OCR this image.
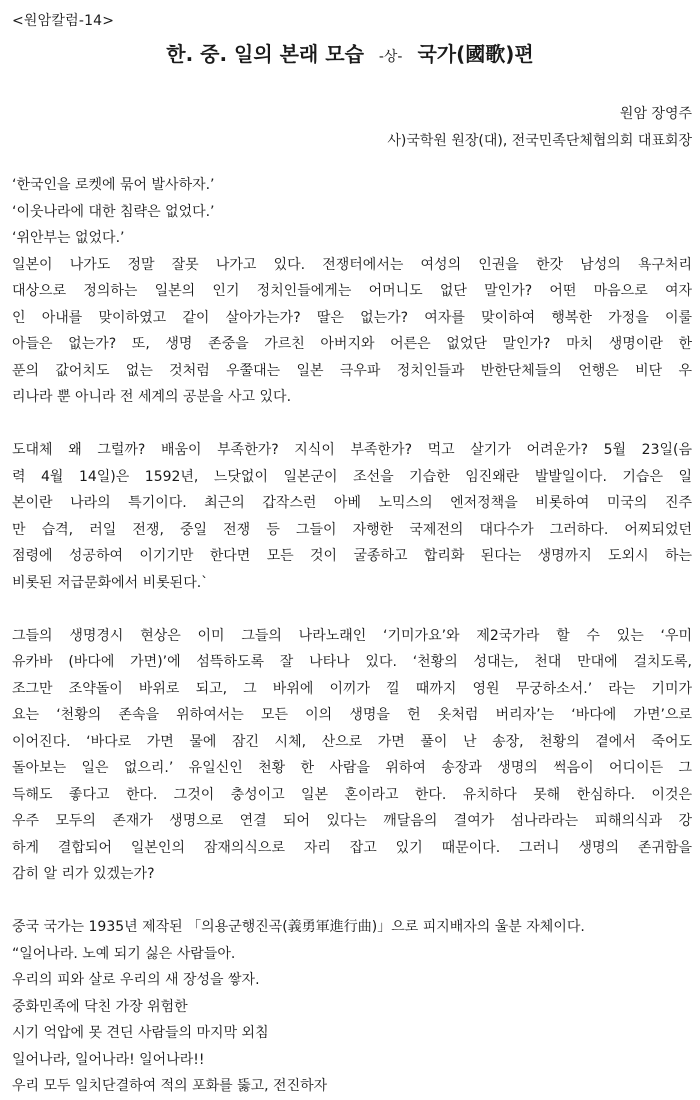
<원암칼럼-14>
한. 중. 일의 본래 모습 -상- 국가(國歌)편
원암 장영주
사)국학원 원장(대), 전국민족단체협의회 대표회장
‘한국인을 로켓에 묶어 발사하자.’
‘이웃나라에 대한 침략은 없었다.’
‘위안부는 없었다.’
일본이 나가도 정말 잘못 나가고 있다. 전쟁터에서는 여성의 인권을 한갓 남성의 욕구처리
대상으로 정의하는 일본의 인기 정치인들에게는 어머니도 없단 말인가? 어떤 마음으로 여자
인 아내를 맞이하였고 같이 살아가는가? 딸은 없는가? 여자를 맞이하여 행복한 가정을 이룰
아들은 없는가? 또, 생명 존중을 가르친 아버지와 어른은 없었단 말인가? 마치 생명이란 한
푼의 값어치도 없는 것처럼 우쭐대는 일본 극우파 정치인들과 반한단체들의 언행은 비단 우
리나라 뿐 아니라 전 세계의 공분을 사고 있다.
도대체 왜 그럴까? 배움이 부족한가? 지식이 부족한가? 먹고 살기가 어려운가? 5월 23일(음
력 4월 14일)은 1592년, 느닷없이 일본군이 조선을 기습한 임진왜란 발발일이다. 기습은 일
본이란 나라의 특기이다. 최근의 갑작스런 아베 노믹스의 엔저정책을 비롯하여 미국의 진주
만 습격, 러일 전쟁, 중일 전쟁 등 그들이 자행한 국제전의 대다수가 그러하다. 어찌되었던
점령에 성공하여 이기기만 한다면 모든 것이 굴종하고 합리화 된다는 생명까지 도외시 하는
비롯된 저급문화에서 비롯된다.`
그들의 생명경시 현상은 이미 그들의 나라노래인 ‘기미가요’와 제2국가라 할 수 있는 ‘우미
유카바 (바다에 가면)’에 섬뜩하도록 잘 나타나 있다. ‘천황의 성대는, 천대 만대에 걸치도록,
조그만 조약돌이 바위로 되고, 그 바위에 이끼가 낄 때까지 영원 무궁하소서.’ 라는 기미가
요는 ‘천황의 존속을 위하여서는 모든 이의 생명을 헌 옷처럼 버리자’는 ‘바다에 가면’으로
이어진다. ‘바다로 가면 물에 잠긴 시체, 산으로 가면 풀이 난 송장, 천황의 곁에서 죽어도
돌아보는 일은 없으리.’ 유일신인 천황 한 사람을 위하여 송장과 생명의 썩음이 어디이든 그
득해도 좋다고 한다. 그것이 충성이고 일본 혼이라고 한다. 유치하다 못해 한심하다. 이것은
우주 모두의 존재가 생명으로 연결 되어 있다는 깨달음의 결여가 섬나라라는 피해의식과 강
하게 결합되어 일본인의 잠재의식으로 자리 잡고 있기 때문이다. 그러니 생명의 존귀함을
감히 알 리가 있겠는가?
중국 국가는 1935년 제작된 「의용군행진곡(義勇軍進行曲)」으로 피지배자의 울분 자체이다.
“일어나라. 노예 되기 싫은 사람들아.
우리의 피와 살로 우리의 새 장성을 쌓자.
중화민족에 닥친 가장 위험한
시기 억압에 못 견딘 사람들의 마지막 외침
일어나라, 일어나라! 일어나라!!
우리 모두 일치단결하여 적의 포화를 뚫고, 전진하자
